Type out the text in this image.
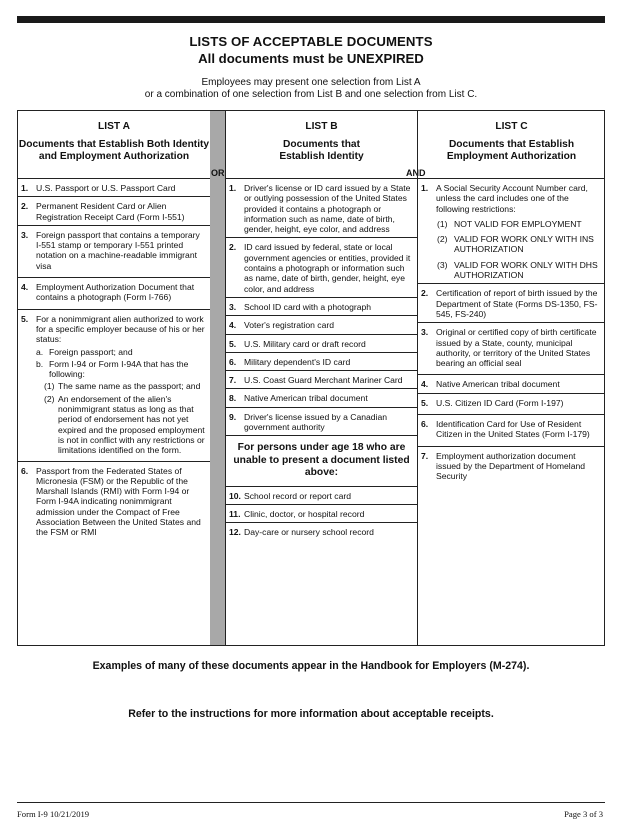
LISTS OF ACCEPTABLE DOCUMENTS
All documents must be UNEXPIRED
Employees may present one selection from List A
or a combination of one selection from List B and one selection from List C.
LIST A
Documents that Establish Both Identity and Employment Authorization
1. U.S. Passport or U.S. Passport Card
2. Permanent Resident Card or Alien Registration Receipt Card (Form I-551)
3. Foreign passport that contains a temporary I-551 stamp or temporary I-551 printed notation on a machine-readable immigrant visa
4. Employment Authorization Document that contains a photograph (Form I-766)
5. For a nonimmigrant alien authorized to work for a specific employer because of his or her status:
a. Foreign passport; and
b. Form I-94 or Form I-94A that has the following:
(1) The same name as the passport; and
(2) An endorsement of the alien's nonimmigrant status as long as that period of endorsement has not yet expired and the proposed employment is not in conflict with any restrictions or limitations identified on the form.
6. Passport from the Federated States of Micronesia (FSM) or the Republic of the Marshall Islands (RMI) with Form I-94 or Form I-94A indicating nonimmigrant admission under the Compact of Free Association Between the United States and the FSM or RMI
OR
LIST B
Documents that Establish Identity
1. Driver's license or ID card issued by a State or outlying possession of the United States provided it contains a photograph or information such as name, date of birth, gender, height, eye color, and address
2. ID card issued by federal, state or local government agencies or entities, provided it contains a photograph or information such as name, date of birth, gender, height, eye color, and address
3. School ID card with a photograph
4. Voter's registration card
5. U.S. Military card or draft record
6. Military dependent's ID card
7. U.S. Coast Guard Merchant Mariner Card
8. Native American tribal document
9. Driver's license issued by a Canadian government authority
For persons under age 18 who are unable to present a document listed above:
10. School record or report card
11. Clinic, doctor, or hospital record
12. Day-care or nursery school record
AND
LIST C
Documents that Establish Employment Authorization
1. A Social Security Account Number card, unless the card includes one of the following restrictions:
(1) NOT VALID FOR EMPLOYMENT
(2) VALID FOR WORK ONLY WITH INS AUTHORIZATION
(3) VALID FOR WORK ONLY WITH DHS AUTHORIZATION
2. Certification of report of birth issued by the Department of State (Forms DS-1350, FS-545, FS-240)
3. Original or certified copy of birth certificate issued by a State, county, municipal authority, or territory of the United States bearing an official seal
4. Native American tribal document
5. U.S. Citizen ID Card (Form I-197)
6. Identification Card for Use of Resident Citizen in the United States (Form I-179)
7. Employment authorization document issued by the Department of Homeland Security
Examples of many of these documents appear in the Handbook for Employers (M-274).
Refer to the instructions for more information about acceptable receipts.
Form I-9 10/21/2019	Page 3 of 3
